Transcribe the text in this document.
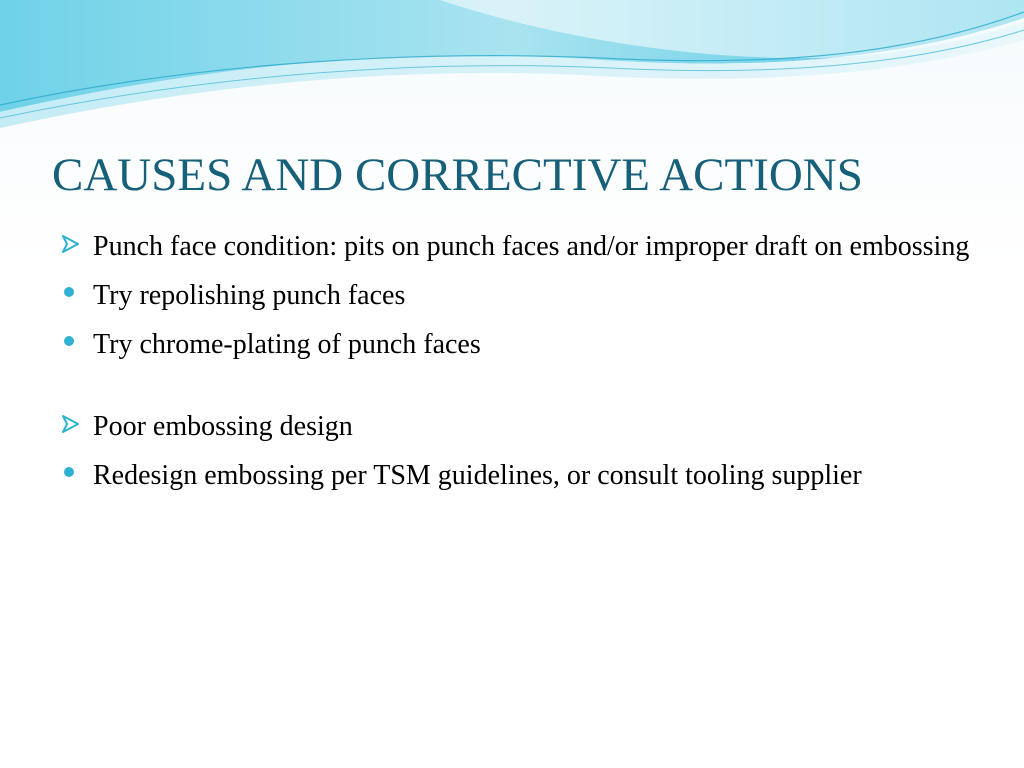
CAUSES AND CORRECTIVE ACTIONS
Punch face condition: pits on punch faces and/or improper draft on embossing
Try repolishing punch faces
Try chrome-plating of punch faces
Poor embossing design
Redesign embossing per TSM guidelines, or consult tooling supplier
